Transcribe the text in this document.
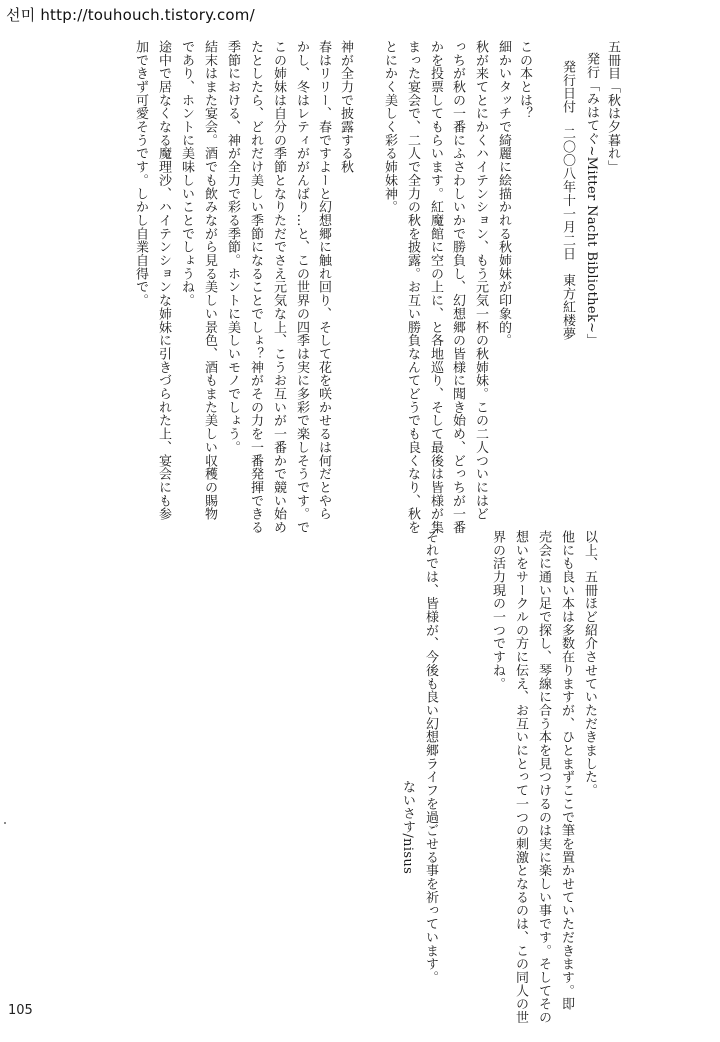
선미 http://touhouch.tistory.com/
五冊目「秋は夕暮れ」
発行「みはてぐ~Mitter Nacht Bibliothek~」
発行日付　二〇〇八年十一月二日　東方紅楼夢
この本とは？
細かいタッチで綺麗に絵描かれる秋姉妹が印象的。
秋が来てとにかくハイテンション、もう元気一杯の秋姉妹。この二人ついにはど
っちが秋の一番にふさわしいかで勝負し、幻想郷の皆様に聞き始め、どっちが一番
かを投票してもらいます。紅魔館に空の上に、と各地巡り、そして最後は皆様が集
まった宴会で、二人で全力の秋を披露。お互い勝負なんてどうでも良くなり、秋を
とにかく美しく彩る姉妹神。
神が全力で披露する秋
春はリリー、春ですよーと幻想郷に触れ回り、そして花を咲かせるは何だとやら
かし、冬はレティががんばり…と、この世界の四季は実に多彩で楽しそうです。で
この姉妹は自分の季節となりただでさえ元気な上、こうお互いが一番かで競い始め
たとしたら、どれだけ美しい季節になることでしょ？神がその力を一番発揮できる
季節における、神が全力で彩る季節。ホントに美しいモノでしょう。
結末はまた宴会。酒でも飲みながら見る美しい景色、酒もまた美しい収穫の賜物
であり、ホントに美味しいことでしょうね。
途中で居なくなる魔理沙、ハイテンションな姉妹に引きづられた上、宴会にも参
加できず可愛そうです。しかし自業自得で。
以上、五冊ほど紹介させていただきました。
他にも良い本は多数在りますが、ひとまずここで筆を置かせていただきます。即
売会に通い足で探し、琴線に合う本を見つけるのは実に楽しい事です。そしてその
想いをサークルの方に伝え、お互いにとって一つの刺激となるのは、この同人の世
界の活力現の一つですね。
それでは、皆様が、今後も良い幻想郷ライフを過ごせる事を祈っています。
ないさす/nisus
105
